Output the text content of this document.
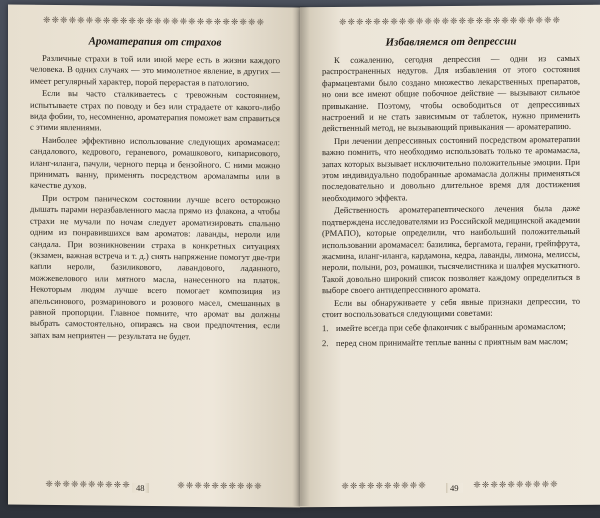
❈❈❈❈❈❈❈❈❈❈❈❈❈❈❈❈❈❈❈❈❈❈❈❈❈❈
Ароматерапия от страхов

Различные страхи в той или иной мере есть в жизни каждого человека. В одних случаях — это мимолетное явление, в других — имеет регулярный характер, порой перерастая в патологию.

Если вы часто сталкиваетесь с тревожным состоянием, испытываете страх по поводу и без или страдаете от какого-либо вида фобии, то, несомненно, ароматерапия поможет вам справиться с этими явлениями.

Наиболее эффективно использование следующих аромамасел: сандалового, кедрового, гераневого, ромашкового, кипарисового, иланг-иланга, пачули, черного перца и бензойного. С ними можно принимать ванну, применять посредством аромалампы или в качестве духов.

При остром паническом состоянии лучше всего осторожно дышать парами неразбавленного масла прямо из флакона, а чтобы страхи не мучали по ночам следует ароматизировать спальню одним из понравившихся вам ароматов: лаванды, нероли или сандала. При возникновении страха в конкретных ситуациях (экзамен, важная встреча и т. д.) снять напряжение помогут две-три капли нероли, базиликового, лавандового, ладанного, можжевелового или мятного масла, нанесенного на платок. Некоторым людям лучше всего помогает композиция из апельсинового, розмаринового и розового масел, смешанных в равной пропорции. Главное помните, что аромат вы должны выбрать самостоятельно, опираясь на свои предпочтения, если запах вам неприятен — результата не будет.

❈❈❈❈❈❈❈❈❈❈	❈❈❈❈❈❈❈❈❈❈
48
❈❈❈❈❈❈❈❈❈❈❈❈❈❈❈❈❈❈❈❈❈❈❈❈❈❈
Избавляемся от депрессии

К сожалению, сегодня депрессия — одни из самых распространенных недугов. Для избавления от этого состояния фармацевтами было создано множество лекарственных препаратов, но они все имеют общие побочное действие — вызывают сильное привыкание. Поэтому, чтобы освободиться от депрессивных настроений и не стать зависимым от таблеток, нужно применить действенный метод, не вызывающий привыкания — ароматерапию.

При лечении депрессивных состояний посредством ароматерапии важно помнить, что необходимо использовать только те аромамасла, запах которых вызывает исключительно положительные эмоции. При этом индивидуально подобранные аромамасла должны применяться последовательно и довольно длительное время для достижения необходимого эффекта.

Действенность ароматерапевтического лечения была даже подтверждена исследователями из Российской медицинской академии (РМАПО), которые определили, что наибольший положительный использовании аромамасел: базилика, бергамота, герани, грейпфрута, жасмина, иланг-иланга, кардамона, кедра, лаванды, лимона, мелиссы, нероли, полыни, роз, ромашки, тысячелистника и шалфея мускатного. Такой довольно широкий список позволяет каждому определиться в выборе своего антидепрессивного аромата.

Если вы обнаруживаете у себя явные признаки депрессии, то стоит воспользоваться следующими советами:

1. имейте всегда при себе флакончик с выбранным аромамаслом;

2. перед сном принимайте теплые ванны с приятным вам маслом;

❈❈❈❈❈❈❈❈❈❈	❈❈❈❈❈❈❈❈❈❈
49
